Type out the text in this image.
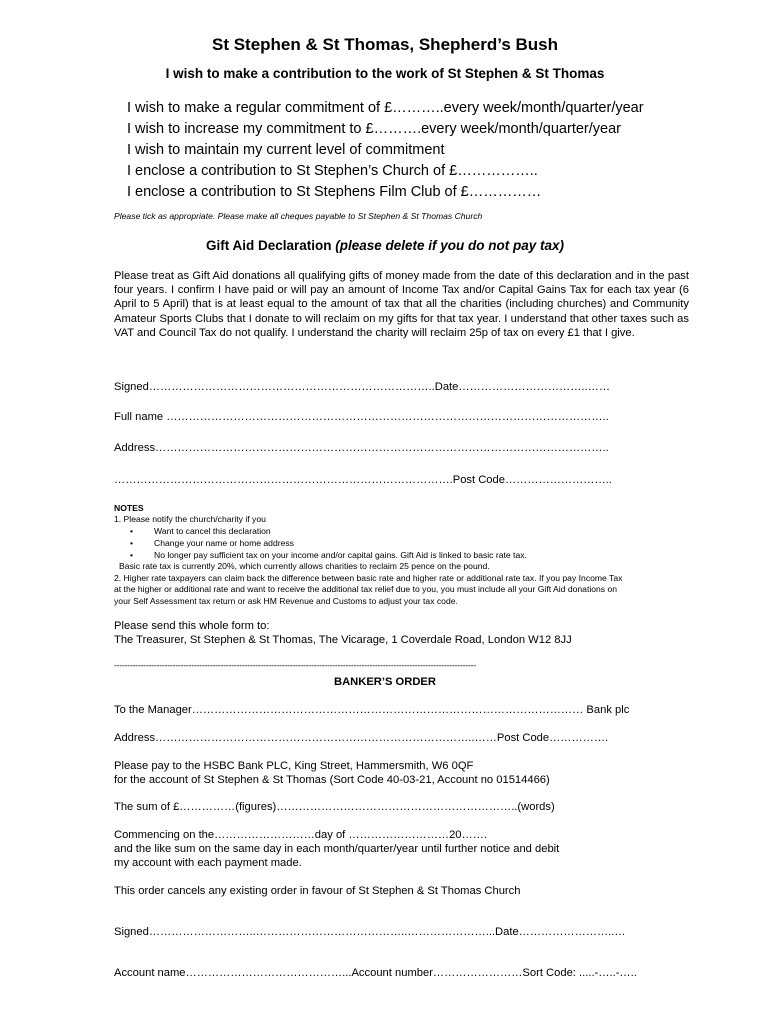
St Stephen & St Thomas, Shepherd’s Bush
I wish to make a contribution to the work of St Stephen & St Thomas
I wish to make a regular commitment of £………..every week/month/quarter/year
I wish to increase my commitment to £……….every week/month/quarter/year
I wish to maintain my current level of commitment
I enclose a contribution to St Stephen’s Church of £……………..
I enclose a contribution to St Stephens Film Club of £……………
Please tick as appropriate. Please make all cheques payable to St Stephen & St Thomas Church
Gift Aid Declaration (please delete if you do not pay tax)
Please treat as Gift Aid donations all qualifying gifts of money made from the date of this declaration and in the past four years. I confirm I have paid or will pay an amount of Income Tax and/or Capital Gains Tax for each tax year (6 April to 5 April) that is at least equal to the amount of tax that all the charities (including churches) and Community Amateur Sports Clubs that I donate to will reclaim on my gifts for that tax year. I understand that other taxes such as VAT and Council Tax do not qualify. I understand the charity will reclaim 25p of tax on every £1 that I give.
Signed…………………………………………………………………..Date……………………………..……
Full name ………………………………………………………………………………………………………..
Address…………………………………………………………………………………………………………..
……………………………………………………………………………….Post Code………………………..
NOTES
1. Please notify the church/charity if you
• Want to cancel this declaration
• Change your name or home address
• No longer pay sufficient tax on your income and/or capital gains. Gift Aid is linked to basic rate tax.
Basic rate tax is currently 20%, which currently allows charities to reclaim 25 pence on the pound.
2. Higher rate taxpayers can claim back the difference between basic rate and higher rate or additional rate tax. If you pay Income Tax
at the higher or additional rate and want to receive the additional tax relief due to you, you must include all your Gift Aid donations on
your Self Assessment tax return or ask HM Revenue and Customs to adjust your tax code.
Please send this whole form to:
The Treasurer, St Stephen & St Thomas, The Vicarage, 1 Coverdale Road, London W12 8JJ
----------------------------------------------------------------------------------------------------------------------------------------
BANKER’S ORDER
To the Manager…………………………………………………………………………………………… Bank plc
Address…………………………………………………………………………..……Post Code…………….
Please pay to the HSBC Bank PLC, King Street, Hammersmith, W6 0QF
for the account of St Stephen & St Thomas (Sort Code 40-03-21, Account no 01514466)
The sum of £……………(figures)………………………………………………………..(words)
Commencing on the………………………day of ………………………20…….
and the like sum on the same day in each month/quarter/year until further notice and debit
my account with each payment made.
This order cancels any existing order in favour of St Stephen & St Thomas Church
Signed………………………..…………………………………..…………………...Date……………………..…
Account name……………………………………...Account number……………………Sort Code: .....-…..-…..
